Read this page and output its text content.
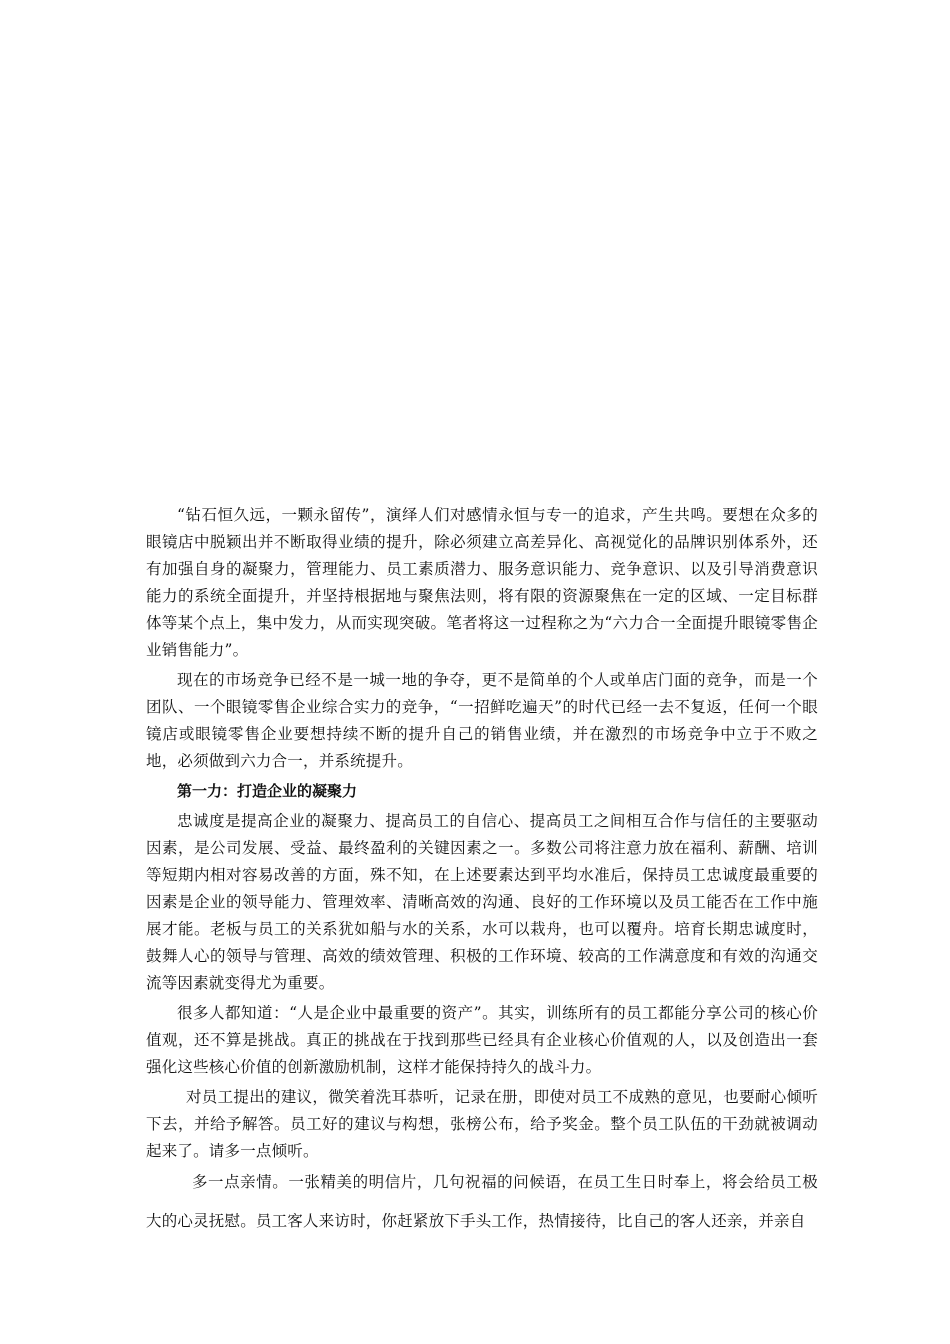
“钻石恒久远，一颗永留传”，演绎人们对感情永恒与专一的追求，产生共鸣。要想在众多的眼镜店中脱颖出并不断取得业绩的提升，除必须建立高差异化、高视觉化的品牌识别体系外，还有加强自身的凝聚力，管理能力、员工素质潜力、服务意识能力、竞争意识、以及引导消费意识能力的系统全面提升，并坚持根据地与聚焦法则，将有限的资源聚焦在一定的区域、一定目标群体等某个点上，集中发力，从而实现突破。笔者将这一过程称之为“六力合一全面提升眼镜零售企业销售能力”。

现在的市场竞争已经不是一城一地的争夺，更不是简单的个人或单店门面的竞争，而是一个团队、一个眼镜零售企业综合实力的竞争，“一招鲜吃遍天”的时代已经一去不复返，任何一个眼镜店或眼镜零售企业要想持续不断的提升自己的销售业绩，并在激烈的市场竞争中立于不败之地，必须做到六力合一，并系统提升。

第一力：打造企业的凝聚力

忠诚度是提高企业的凝聚力、提高员工的自信心、提高员工之间相互合作与信任的主要驱动因素，是公司发展、受益、最终盈利的关键因素之一。多数公司将注意力放在福利、薪酬、培训等短期内相对容易改善的方面，殊不知，在上述要素达到平均水准后，保持员工忠诚度最重要的因素是企业的领导能力、管理效率、清晰高效的沟通、良好的工作环境以及员工能否在工作中施展才能。老板与员工的关系犹如船与水的关系，水可以栽舟，也可以覆舟。培育长期忠诚度时，鼓舞人心的领导与管理、高效的绩效管理、积极的工作环境、较高的工作满意度和有效的沟通交流等因素就变得尤为重要。

很多人都知道：“人是企业中最重要的资产”。其实，训练所有的员工都能分享公司的核心价值观，还不算是挑战。真正的挑战在于找到那些已经具有企业核心价值观的人，以及创造出一套强化这些核心价值的创新激励机制，这样才能保持持久的战斗力。

对员工提出的建议，微笑着洗耳恭听，记录在册，即使对员工不成熟的意见，也要耐心倾听下去，并给予解答。员工好的建议与构想，张榜公布，给予奖金。整个员工队伍的干劲就被调动起来了。请多一点倾听。

多一点亲情。一张精美的明信片，几句祝福的问候语，在员工生日时奉上，将会给员工极大的心灵抚慰。员工客人来访时，你赶紧放下手头工作，热情接待，比自己的客人还亲，并亲自
